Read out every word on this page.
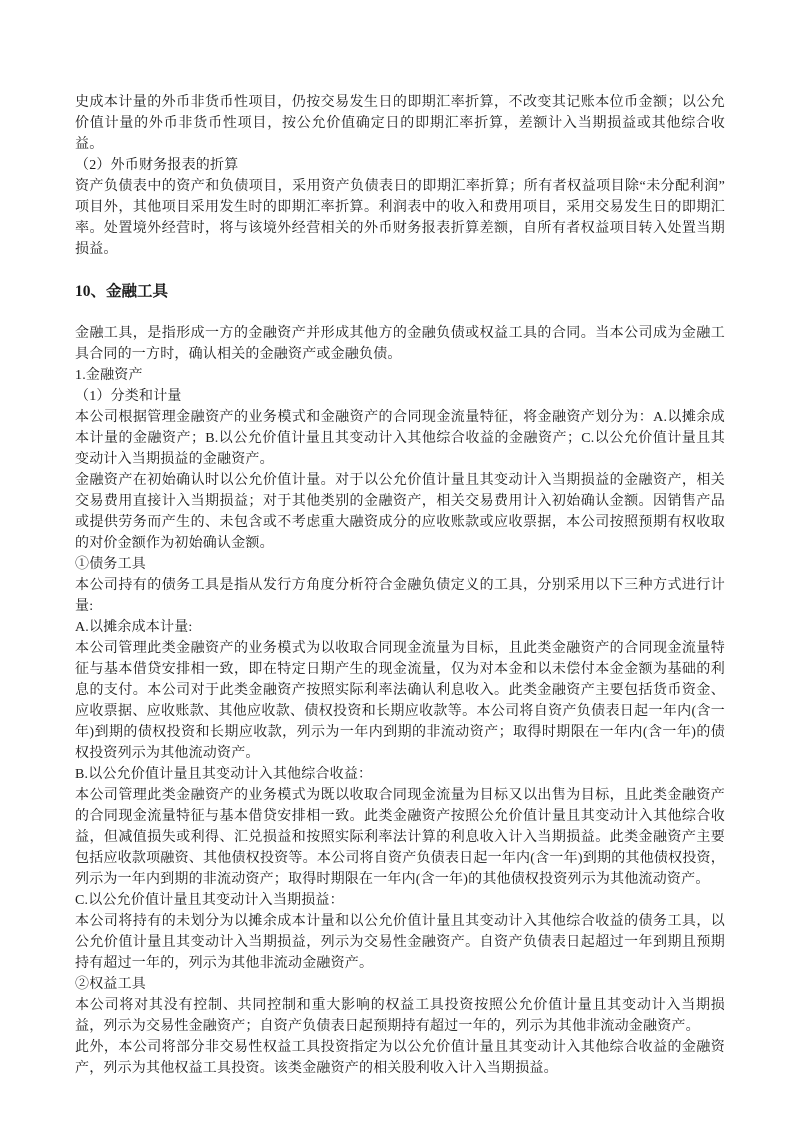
史成本计量的外币非货币性项目，仍按交易发生日的即期汇率折算，不改变其记账本位币金额；以公允价值计量的外币非货币性项目，按公允价值确定日的即期汇率折算，差额计入当期损益或其他综合收益。

（2）外币财务报表的折算

资产负债表中的资产和负债项目，采用资产负债表日的即期汇率折算；所有者权益项目除“未分配利润”项目外，其他项目采用发生时的即期汇率折算。利润表中的收入和费用项目，采用交易发生日的即期汇率。处置境外经营时，将与该境外经营相关的外币财务报表折算差额，自所有者权益项目转入处置当期损益。

10、金融工具

金融工具，是指形成一方的金融资产并形成其他方的金融负债或权益工具的合同。当本公司成为金融工具合同的一方时，确认相关的金融资产或金融负债。

1.金融资产

（1）分类和计量

本公司根据管理金融资产的业务模式和金融资产的合同现金流量特征，将金融资产划分为：A.以摊余成本计量的金融资产；B.以公允价值计量且其变动计入其他综合收益的金融资产；C.以公允价值计量且其变动计入当期损益的金融资产。

金融资产在初始确认时以公允价值计量。对于以公允价值计量且其变动计入当期损益的金融资产，相关交易费用直接计入当期损益；对于其他类别的金融资产，相关交易费用计入初始确认金额。因销售产品或提供劳务而产生的、未包含或不考虑重大融资成分的应收账款或应收票据，本公司按照预期有权收取的对价金额作为初始确认金额。

①债务工具

本公司持有的债务工具是指从发行方角度分析符合金融负债定义的工具，分别采用以下三种方式进行计量:

A.以摊余成本计量:

本公司管理此类金融资产的业务模式为以收取合同现金流量为目标，且此类金融资产的合同现金流量特征与基本借贷安排相一致，即在特定日期产生的现金流量，仅为对本金和以未偿付本金金额为基础的利息的支付。本公司对于此类金融资产按照实际利率法确认利息收入。此类金融资产主要包括货币资金、应收票据、应收账款、其他应收款、债权投资和长期应收款等。本公司将自资产负债表日起一年内(含一年)到期的债权投资和长期应收款，列示为一年内到期的非流动资产；取得时期限在一年内(含一年)的债权投资列示为其他流动资产。

B.以公允价值计量且其变动计入其他综合收益：

本公司管理此类金融资产的业务模式为既以收取合同现金流量为目标又以出售为目标，且此类金融资产的合同现金流量特征与基本借贷安排相一致。此类金融资产按照公允价值计量且其变动计入其他综合收益，但减值损失或利得、汇兑损益和按照实际利率法计算的利息收入计入当期损益。此类金融资产主要包括应收款项融资、其他债权投资等。本公司将自资产负债表日起一年内(含一年)到期的其他债权投资，列示为一年内到期的非流动资产；取得时期限在一年内(含一年)的其他债权投资列示为其他流动资产。

C.以公允价值计量且其变动计入当期损益：

本公司将持有的未划分为以摊余成本计量和以公允价值计量且其变动计入其他综合收益的债务工具，以公允价值计量且其变动计入当期损益，列示为交易性金融资产。自资产负债表日起超过一年到期且预期持有超过一年的，列示为其他非流动金融资产。

②权益工具

本公司将对其没有控制、共同控制和重大影响的权益工具投资按照公允价值计量且其变动计入当期损益，列示为交易性金融资产；自资产负债表日起预期持有超过一年的，列示为其他非流动金融资产。

此外，本公司将部分非交易性权益工具投资指定为以公允价值计量且其变动计入其他综合收益的金融资产，列示为其他权益工具投资。该类金融资产的相关股利收入计入当期损益。
